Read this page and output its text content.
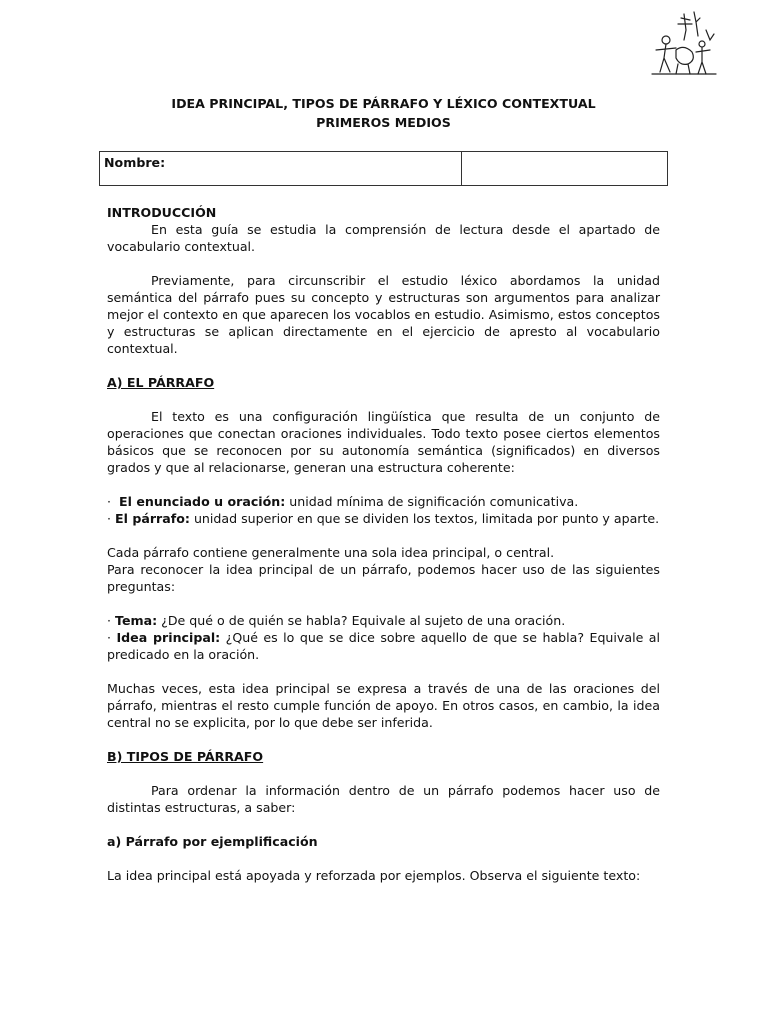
IDEA PRINCIPAL, TIPOS DE PÁRRAFO Y LÉXICO CONTEXTUAL
PRIMEROS MEDIOS
Nombre:	
INTRODUCCIÓN

En esta guía se estudia la comprensión de lectura desde el apartado de vocabulario contextual.

Previamente, para circunscribir el estudio léxico abordamos la unidad semántica del párrafo pues su concepto y estructuras son argumentos para analizar mejor el contexto en que aparecen los vocablos en estudio. Asimismo, estos conceptos y estructuras se aplican directamente en el ejercicio de apresto al vocabulario contextual.

A) EL PÁRRAFO

El texto es una configuración lingüística que resulta de un conjunto de operaciones que conectan oraciones individuales. Todo texto posee ciertos elementos básicos que se reconocen por su autonomía semántica (significados) en diversos grados y que al relacionarse, generan una estructura coherente:

· El enunciado u oración: unidad mínima de significación comunicativa.

· El párrafo: unidad superior en que se dividen los textos, limitada por punto y aparte.

Cada párrafo contiene generalmente una sola idea principal, o central.

Para reconocer la idea principal de un párrafo, podemos hacer uso de las siguientes preguntas:

· Tema: ¿De qué o de quién se habla? Equivale al sujeto de una oración.

· Idea principal: ¿Qué es lo que se dice sobre aquello de que se habla? Equivale al predicado en la oración.

Muchas veces, esta idea principal se expresa a través de una de las oraciones del párrafo, mientras el resto cumple función de apoyo. En otros casos, en cambio, la idea central no se explicita, por lo que debe ser inferida.

B) TIPOS DE PÁRRAFO

Para ordenar la información dentro de un párrafo podemos hacer uso de distintas estructuras, a saber:

a) Párrafo por ejemplificación

La idea principal está apoyada y reforzada por ejemplos. Observa el siguiente texto:
